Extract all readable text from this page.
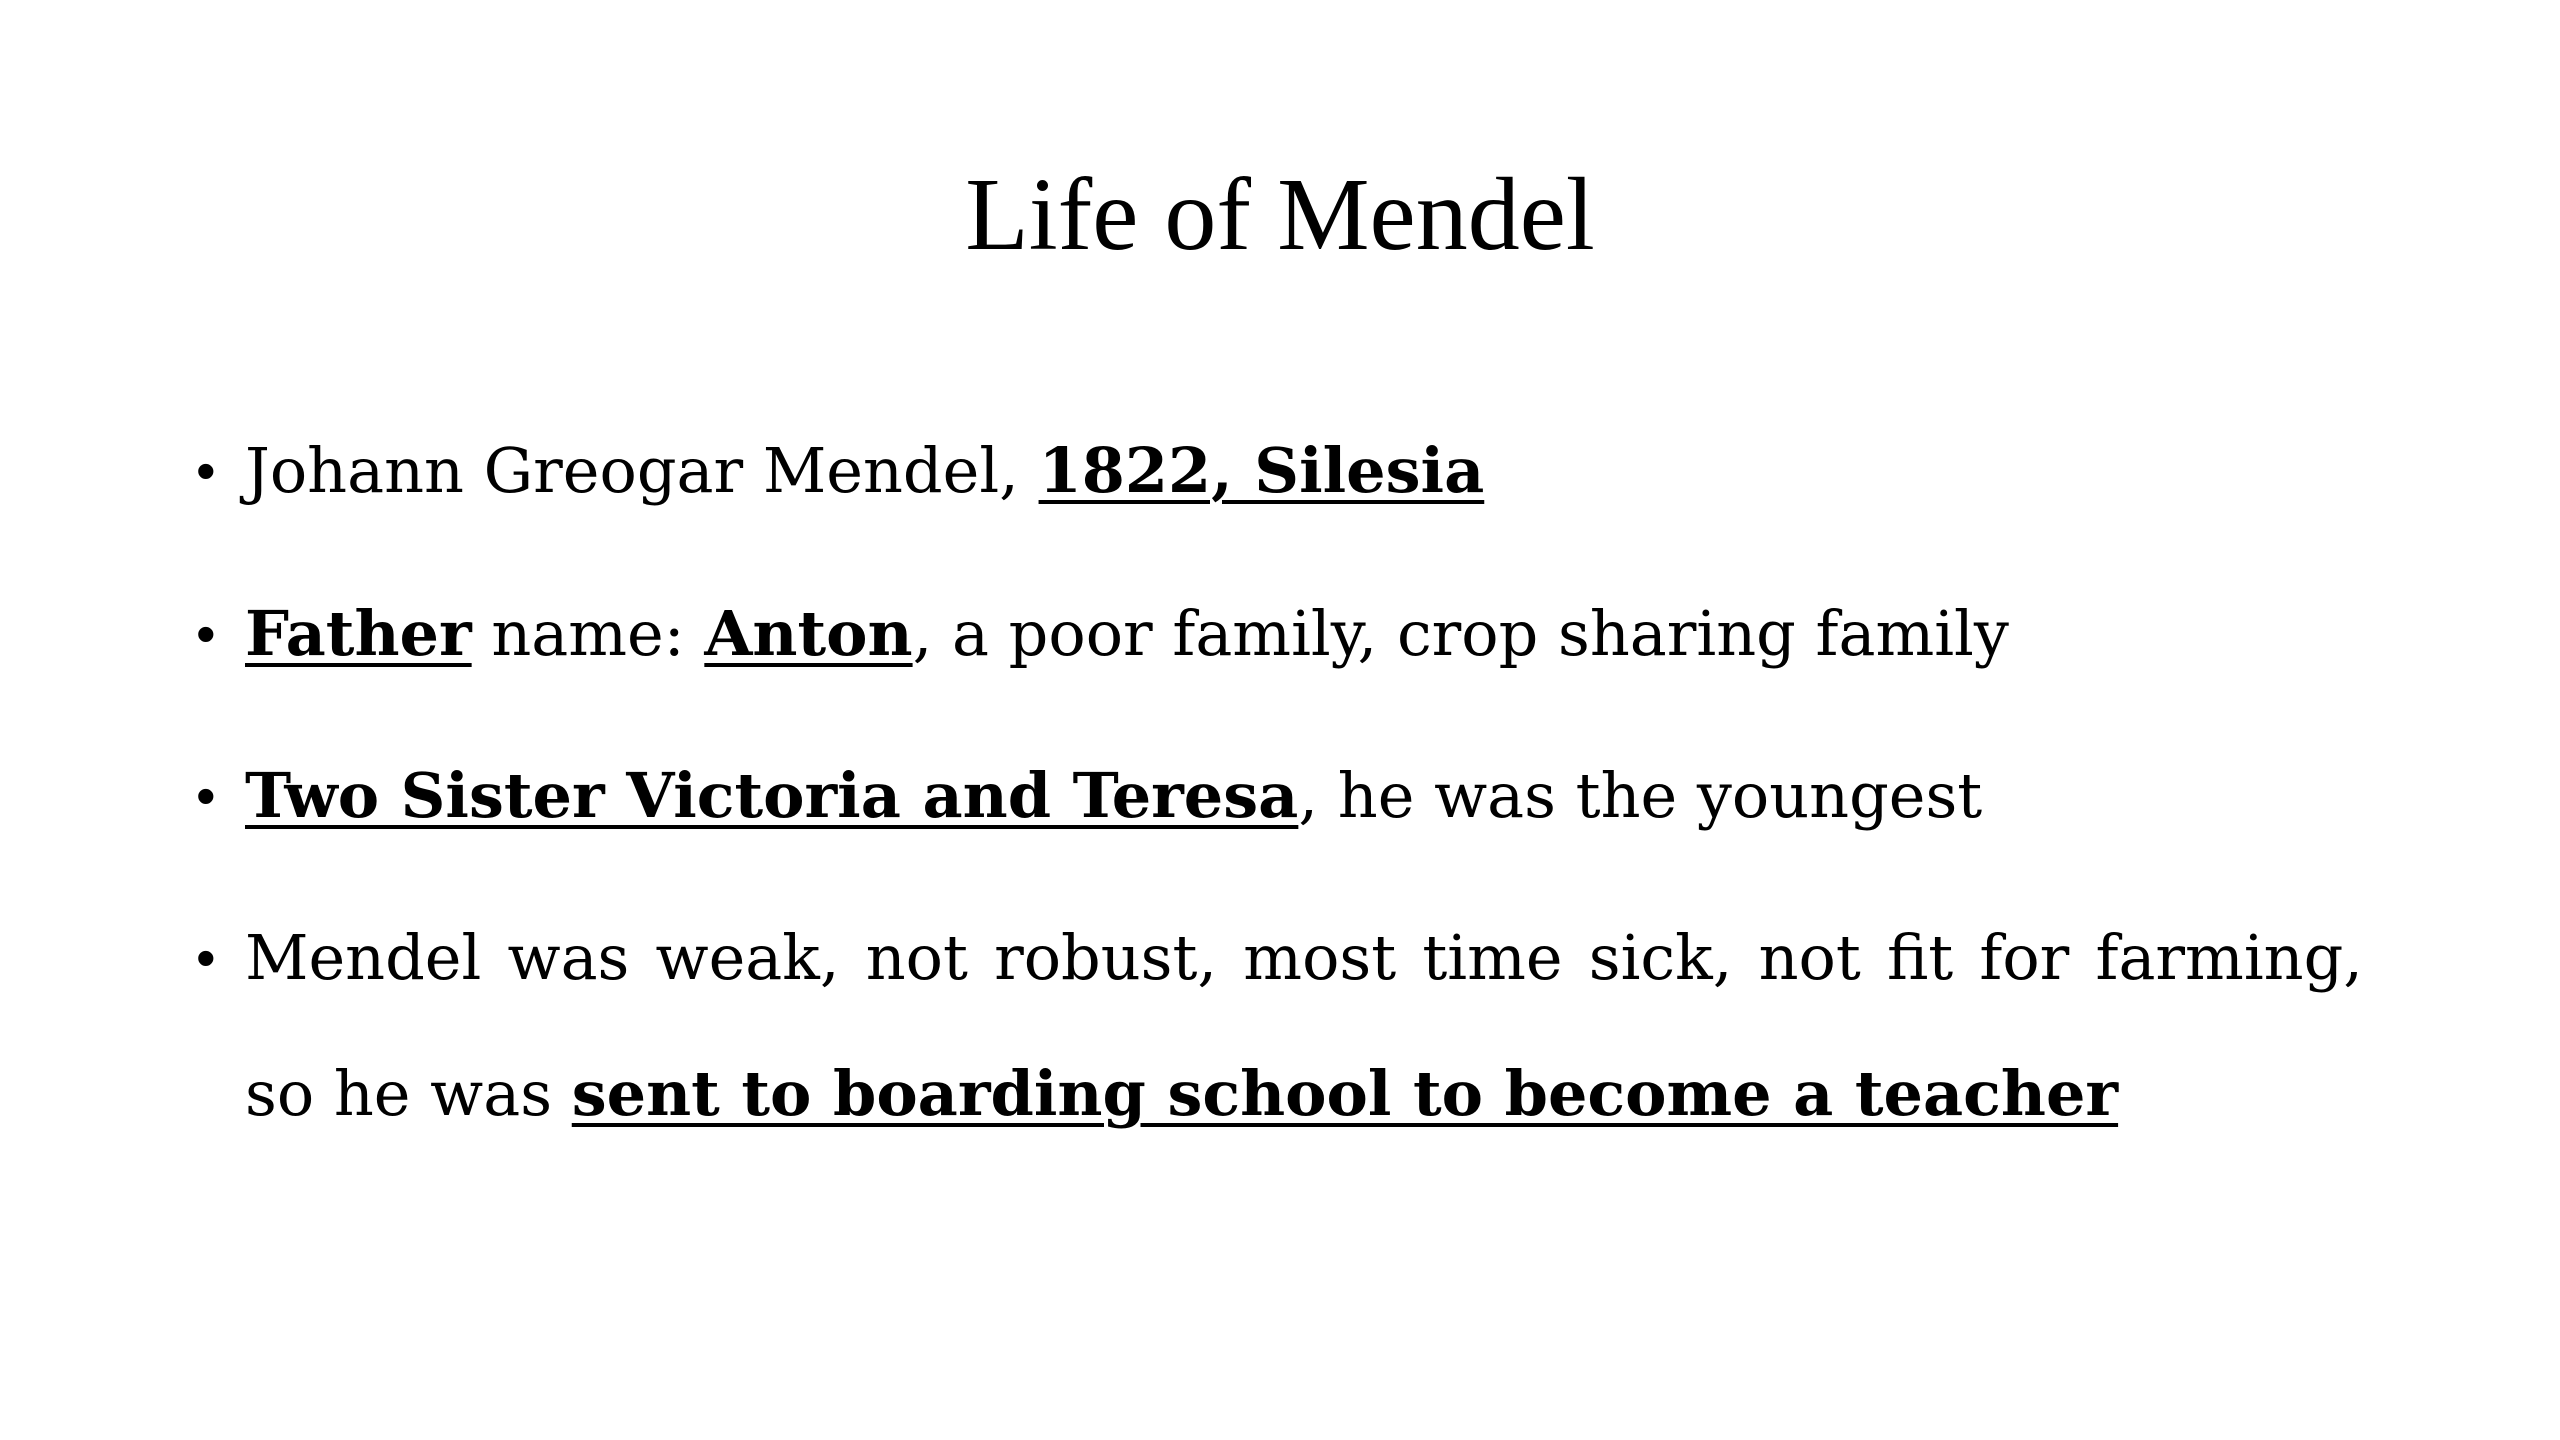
Life of Mendel
• Johann Greogar Mendel, 1822, Silesia
• Father name: Anton, a poor family, crop sharing family
• Two Sister Victoria and Teresa, he was the youngest
• Mendel was weak, not robust, most time sick, not fit for farming,
so he was sent to boarding school to become a teacher
